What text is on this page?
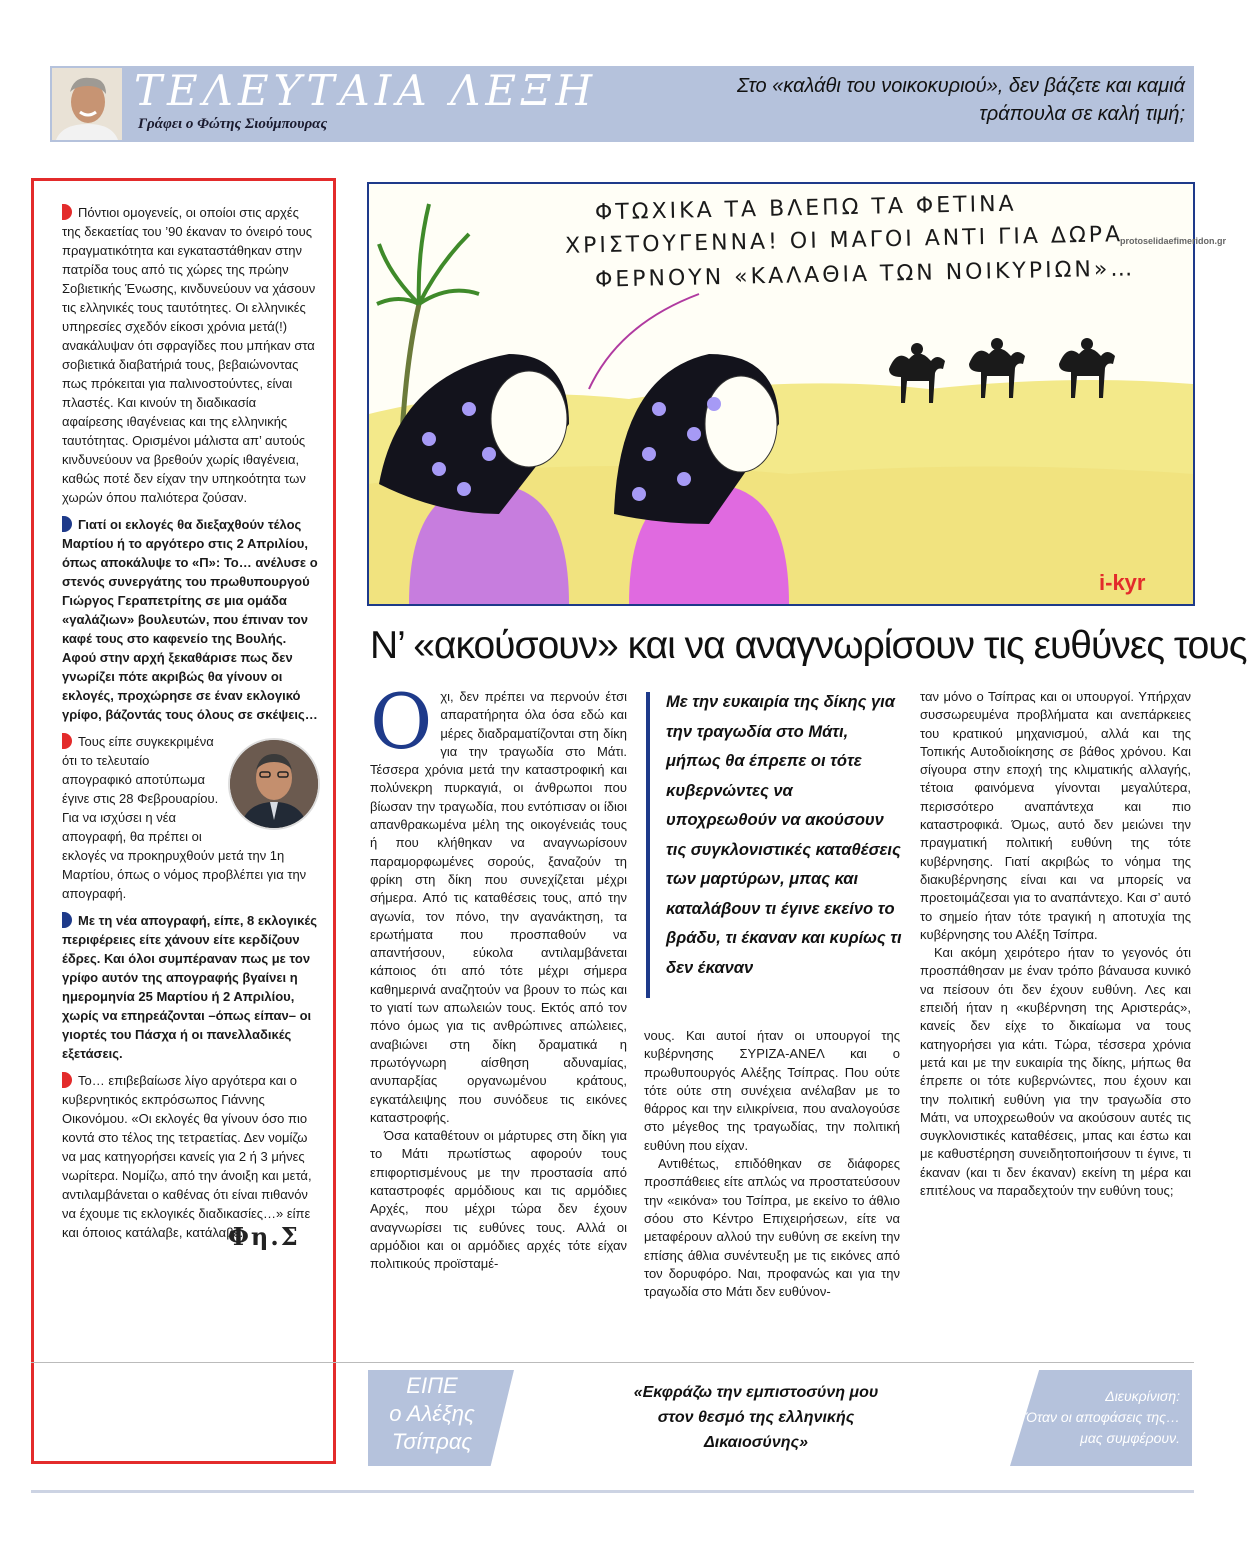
ΤΕΛΕΥΤΑΙΑ ΛΕΞΗ
Γράφει ο Φώτης Σιούμπουρας
Στο «καλάθι του νοικοκυριού», δεν βάζετε και καμιά τράπουλα σε καλή τιμή;
Πόντιοι ομογενείς, οι οποίοι στις αρχές της δεκαετίας του ’90 έκαναν το όνειρό τους πραγματικότητα και εγκαταστάθηκαν στην πατρίδα τους από τις χώρες της πρώην Σοβιετικής Ένωσης, κινδυνεύουν να χάσουν τις ελληνικές τους ταυτότητες. Οι ελληνικές υπηρεσίες σχεδόν είκοσι χρόνια μετά(!) ανακάλυψαν ότι σφραγίδες που μπήκαν στα σοβιετικά διαβατήριά τους, βεβαιώνοντας πως πρόκειται για παλινοστούντες, είναι πλαστές. Και κινούν τη διαδικασία αφαίρεσης ιθαγένειας και της ελληνικής ταυτότητας. Ορισμένοι μάλιστα απ’ αυτούς κινδυνεύουν να βρεθούν χωρίς ιθαγένεια, καθώς ποτέ δεν είχαν την υπηκοότητα των χωρών όπου παλιότερα ζούσαν.
Γιατί οι εκλογές θα διεξαχθούν τέλος Μαρτίου ή το αργότερο στις 2 Απριλίου, όπως αποκάλυψε το «Π»: Το… ανέλυσε ο στενός συνεργάτης του πρωθυπουργού Γιώργος Γεραπετρίτης σε μια ομάδα «γαλάζιων» βουλευτών, που έπιναν τον καφέ τους στο καφενείο της Βουλής. Αφού στην αρχή ξεκαθάρισε πως δεν γνωρίζει πότε ακριβώς θα γίνουν οι εκλογές, προχώρησε σε έναν εκλογικό γρίφο, βάζοντάς τους όλους σε σκέψεις…
Τους είπε συγκεκριμένα ότι το τελευταίο απογραφικό αποτύπωμα έγινε στις 28 Φεβρουαρίου. Για να ισχύσει η νέα απογραφή, θα πρέπει οι εκλογές να προκηρυχθούν μετά την 1η Μαρτίου, όπως ο νόμος προβλέπει για την απογραφή.
Με τη νέα απογραφή, είπε, 8 εκλογικές περιφέρειες είτε χάνουν είτε κερδίζουν έδρες. Και όλοι συμπέραναν πως με τον γρίφο αυτόν της απογραφής βγαίνει η ημερομηνία 25 Μαρτίου ή 2 Απριλίου, χωρίς να επηρεάζονται –όπως είπαν– οι γιορτές του Πάσχα ή οι πανελλαδικές εξετάσεις.
Το… επιβεβαίωσε λίγο αργότερα και ο κυβερνητικός εκπρόσωπος Γιάννης Οικονόμου. «Οι εκλογές θα γίνουν όσο πιο κοντά στο τέλος της τετραετίας. Δεν νομίζω να μας κατηγορήσει κανείς για 2 ή 3 μήνες νωρίτερα. Νομίζω, από την άνοιξη και μετά, αντιλαμβάνεται ο καθένας ότι είναι πιθανόν να έχουμε τις εκλογικές διαδικασίες…» είπε και όποιος κατάλαβε, κατάλαβε.
Φη.Σ
ΦΤΩΧΙΚΑ ΤΑ ΒΛΕΠΩ ΤΑ ΦΕΤΙΝΑ
ΧΡΙΣΤΟΥΓΕΝΝΑ! ΟΙ ΜΑΓΟΙ ΑΝΤΙ ΓΙΑ ΔΩΡΑ
ΦΕΡΝΟΥΝ «ΚΑΛΑΘΙΑ ΤΩΝ ΝΟΙΚΥΡΙΩΝ»…
i-kyr
protoselidaefimeridon.gr
Ν’ «ακούσουν» και να αναγνωρίσουν τις ευθύνες τους

Οχι, δεν πρέπει να περνούν έτσι απαρατήρητα όλα όσα εδώ και μέρες διαδραματίζονται στη δίκη για την τραγωδία στο Μάτι. Τέσσερα χρόνια μετά την καταστροφική και πολύνεκρη πυρκαγιά, οι άνθρωποι που βίωσαν την τραγωδία, που εντόπισαν οι ίδιοι απανθρακωμένα μέλη της οικογένειάς τους ή που κλήθηκαν να αναγνωρίσουν παραμορφωμένες σορούς, ξαναζούν τη φρίκη στη δίκη που συνεχίζεται μέχρι σήμερα. Από τις καταθέσεις τους, από την αγωνία, τον πόνο, την αγανάκτηση, τα ερωτήματα που προσπαθούν να απαντήσουν, εύκολα αντιλαμβάνεται κάποιος ότι από τότε μέχρι σήμερα καθημερινά αναζητούν να βρουν το πώς και το γιατί των απωλειών τους. Εκτός από τον πόνο όμως για τις ανθρώπινες απώλειες, αναβιώνει στη δίκη δραματικά η πρωτόγνωρη αίσθηση αδυναμίας, ανυπαρξίας οργανωμένου κράτους, εγκατάλειψης που συνόδευε τις εικόνες καταστροφής.

Όσα καταθέτουν οι μάρτυρες στη δίκη για το Μάτι πρωτίστως αφορούν τους επιφορτισμένους με την προστασία από καταστροφές αρμόδιους και τις αρμόδιες Αρχές, που μέχρι τώρα δεν έχουν αναγνωρίσει τις ευθύνες τους. Αλλά οι αρμόδιοι και οι αρμόδιες αρχές τότε είχαν πολιτικούς προϊσταμέ-

Με την ευκαιρία της δίκης για την τραγωδία στο Μάτι, μήπως θα έπρεπε οι τότε κυβερνώντες να υποχρεωθούν να ακούσουν τις συγκλονιστικές καταθέσεις των μαρτύρων, μπας και καταλάβουν τι έγινε εκείνο το βράδυ, τι έκαναν και κυρίως τι δεν έκαναν

νους. Και αυτοί ήταν οι υπουργοί της κυβέρνησης ΣΥΡΙΖΑ-ΑΝΕΛ και ο πρωθυπουργός Αλέξης Τσίπρας. Που ούτε τότε ούτε στη συνέχεια ανέλαβαν με το θάρρος και την ειλικρίνεια, που αναλογούσε στο μέγεθος της τραγωδίας, την πολιτική ευθύνη που είχαν.

Αντιθέτως, επιδόθηκαν σε διάφορες προσπάθειες είτε απλώς να προστατεύσουν την «εικόνα» του Τσίπρα, με εκείνο το άθλιο σόου στο Κέντρο Επιχειρήσεων, είτε να μεταφέρουν αλλού την ευθύνη σε εκείνη την επίσης άθλια συνέντευξη με τις εικόνες από τον δορυφόρο. Ναι, προφανώς και για την τραγωδία στο Μάτι δεν ευθύνον-

ταν μόνο ο Τσίπρας και οι υπουργοί. Υπήρχαν συσσωρευμένα προβλήματα και ανεπάρκειες του κρατικού μηχανισμού, αλλά και της Τοπικής Αυτοδιοίκησης σε βάθος χρόνου. Και σίγουρα στην εποχή της κλιματικής αλλαγής, τέτοια φαινόμενα γίνονται μεγαλύτερα, περισσότερο αναπάντεχα και πιο καταστροφικά. Όμως, αυτό δεν μειώνει την πραγματική πολιτική ευθύνη της τότε κυβέρνησης. Γιατί ακριβώς το νόημα της διακυβέρνησης είναι και να μπορείς να προετοιμάζεσαι για το αναπάντεχο. Και σ’ αυτό το σημείο ήταν τότε τραγική η αποτυχία της κυβέρνησης του Αλέξη Τσίπρα.

Και ακόμη χειρότερο ήταν το γεγονός ότι προσπάθησαν με έναν τρόπο βάναυσα κυνικό να πείσουν ότι δεν έχουν ευθύνη. Λες και επειδή ήταν η «κυβέρνηση της Αριστεράς», κανείς δεν είχε το δικαίωμα να τους κατηγορήσει για κάτι. Τώρα, τέσσερα χρόνια μετά και με την ευκαιρία της δίκης, μήπως θα έπρεπε οι τότε κυβερνώντες, που έχουν και την πολιτική ευθύνη για την τραγωδία στο Μάτι, να υποχρεωθούν να ακούσουν αυτές τις συγκλονιστικές καταθέσεις, μπας και έστω και με καθυστέρηση συνειδητοποιήσουν τι έγινε, τι έκαναν (και τι δεν έκαναν) εκείνη τη μέρα και επιτέλους να παραδεχτούν την ευθύνη τους;

ΕΙΠΕ
ο Αλέξης
Τσίπρας
«Εκφράζω την εμπιστοσύνη μου
στον θεσμό της ελληνικής
Δικαιοσύνης»
Διευκρίνιση:
Όταν οι αποφάσεις της…
μας συμφέρουν.
